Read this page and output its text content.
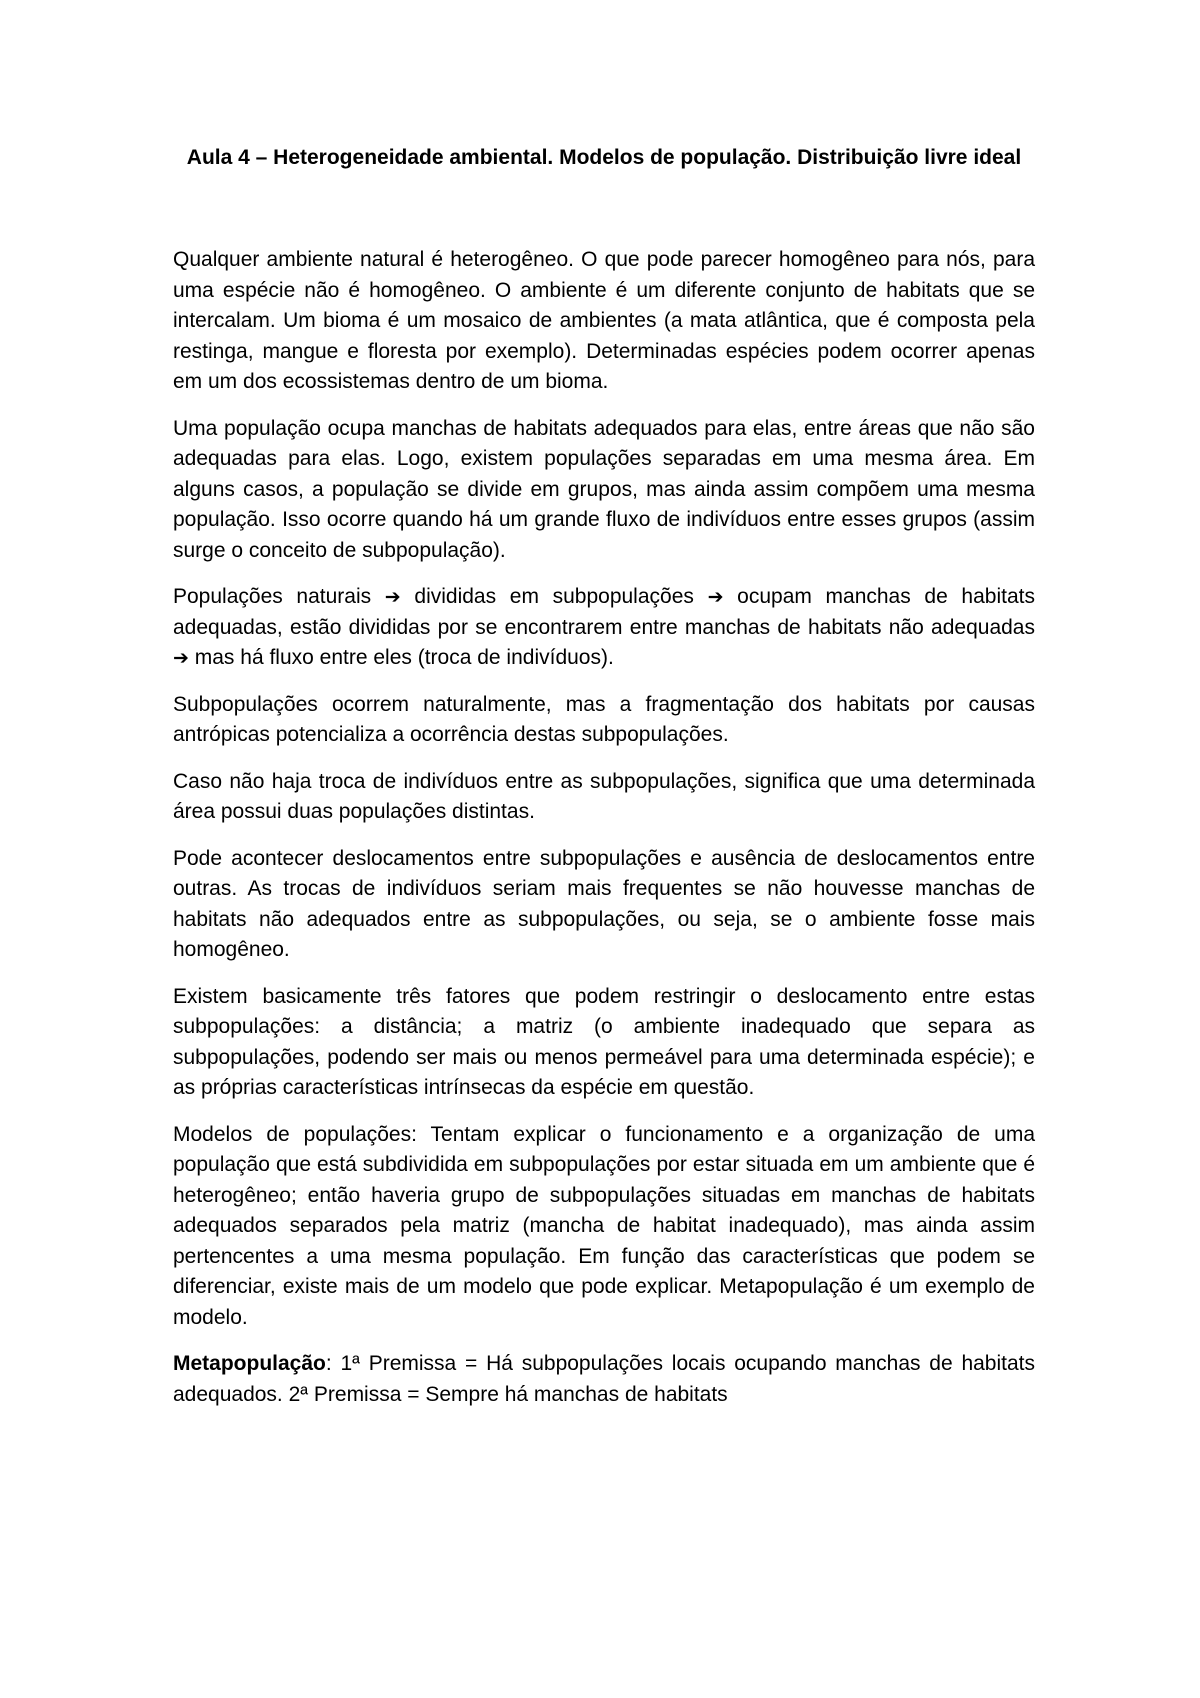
Aula 4 – Heterogeneidade ambiental. Modelos de população. Distribuição livre ideal

Qualquer ambiente natural é heterogêneo. O que pode parecer homogêneo para nós, para uma espécie não é homogêneo. O ambiente é um diferente conjunto de habitats que se intercalam. Um bioma é um mosaico de ambientes (a mata atlântica, que é composta pela restinga, mangue e floresta por exemplo). Determinadas espécies podem ocorrer apenas em um dos ecossistemas dentro de um bioma.

Uma população ocupa manchas de habitats adequados para elas, entre áreas que não são adequadas para elas. Logo, existem populações separadas em uma mesma área. Em alguns casos, a população se divide em grupos, mas ainda assim compõem uma mesma população. Isso ocorre quando há um grande fluxo de indivíduos entre esses grupos (assim surge o conceito de subpopulação).

Populações naturais ➔ divididas em subpopulações ➔ ocupam manchas de habitats adequadas, estão divididas por se encontrarem entre manchas de habitats não adequadas ➔ mas há fluxo entre eles (troca de indivíduos).

Subpopulações ocorrem naturalmente, mas a fragmentação dos habitats por causas antrópicas potencializa a ocorrência destas subpopulações.

Caso não haja troca de indivíduos entre as subpopulações, significa que uma determinada área possui duas populações distintas.

Pode acontecer deslocamentos entre subpopulações e ausência de deslocamentos entre outras. As trocas de indivíduos seriam mais frequentes se não houvesse manchas de habitats não adequados entre as subpopulações, ou seja, se o ambiente fosse mais homogêneo.

Existem basicamente três fatores que podem restringir o deslocamento entre estas subpopulações: a distância; a matriz (o ambiente inadequado que separa as subpopulações, podendo ser mais ou menos permeável para uma determinada espécie); e as próprias características intrínsecas da espécie em questão.

Modelos de populações: Tentam explicar o funcionamento e a organização de uma população que está subdividida em subpopulações por estar situada em um ambiente que é heterogêneo; então haveria grupo de subpopulações situadas em manchas de habitats adequados separados pela matriz (mancha de habitat inadequado), mas ainda assim pertencentes a uma mesma população. Em função das características que podem se diferenciar, existe mais de um modelo que pode explicar. Metapopulação é um exemplo de modelo.

Metapopulação: 1ª Premissa = Há subpopulações locais ocupando manchas de habitats adequados. 2ª Premissa = Sempre há manchas de habitats
